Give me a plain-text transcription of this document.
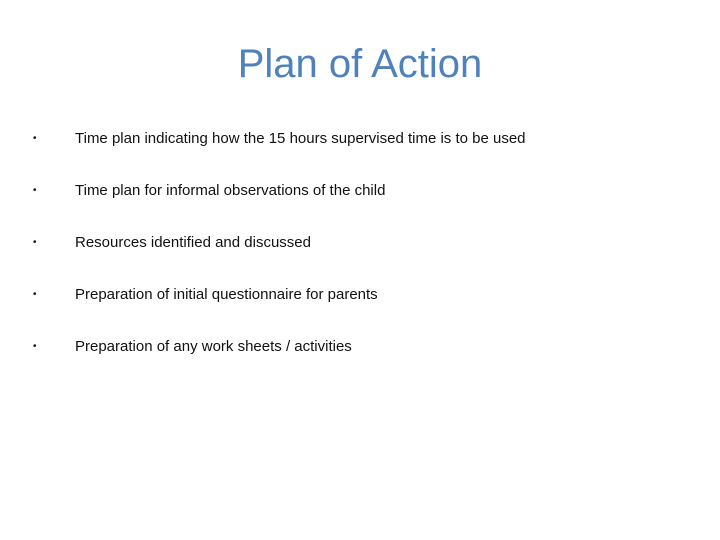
Plan of Action
•	Time plan indicating how the 15 hours supervised time is to be used
•	Time plan for informal observations of the child
•	Resources identified and discussed
•	Preparation of initial questionnaire for parents
•	Preparation of any work sheets / activities
